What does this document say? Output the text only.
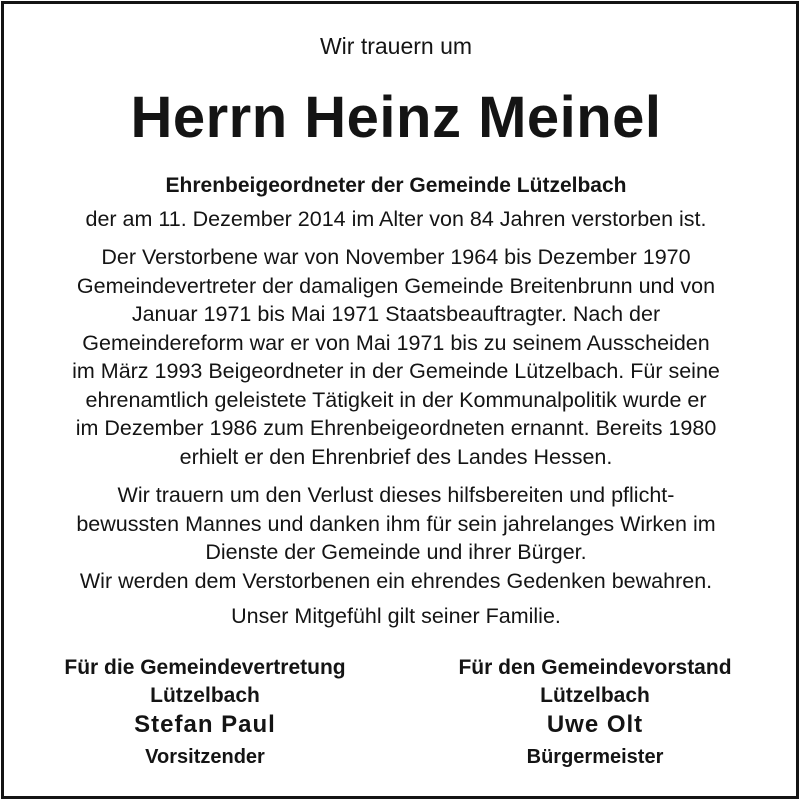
Wir trauern um
Herrn Heinz Meinel
Ehrenbeigeordneter der Gemeinde Lützelbach
der am 11. Dezember 2014 im Alter von 84 Jahren verstorben ist.
Der Verstorbene war von November 1964 bis Dezember 1970
Gemeindevertreter der damaligen Gemeinde Breitenbrunn und von
Januar 1971 bis Mai 1971 Staatsbeauftragter. Nach der
Gemeindereform war er von Mai 1971 bis zu seinem Ausscheiden
im März 1993 Beigeordneter in der Gemeinde Lützelbach. Für seine
ehrenamtlich geleistete Tätigkeit in der Kommunalpolitik wurde er
im Dezember 1986 zum Ehrenbeigeordneten ernannt. Bereits 1980
erhielt er den Ehrenbrief des Landes Hessen.
Wir trauern um den Verlust dieses hilfsbereiten und pflicht-
bewussten Mannes und danken ihm für sein jahrelanges Wirken im
Dienste der Gemeinde und ihrer Bürger.
Wir werden dem Verstorbenen ein ehrendes Gedenken bewahren.
Unser Mitgefühl gilt seiner Familie.
Für die Gemeindevertretung
Lützelbach
Stefan Paul
Vorsitzender
Für den Gemeindevorstand
Lützelbach
Uwe Olt
Bürgermeister
